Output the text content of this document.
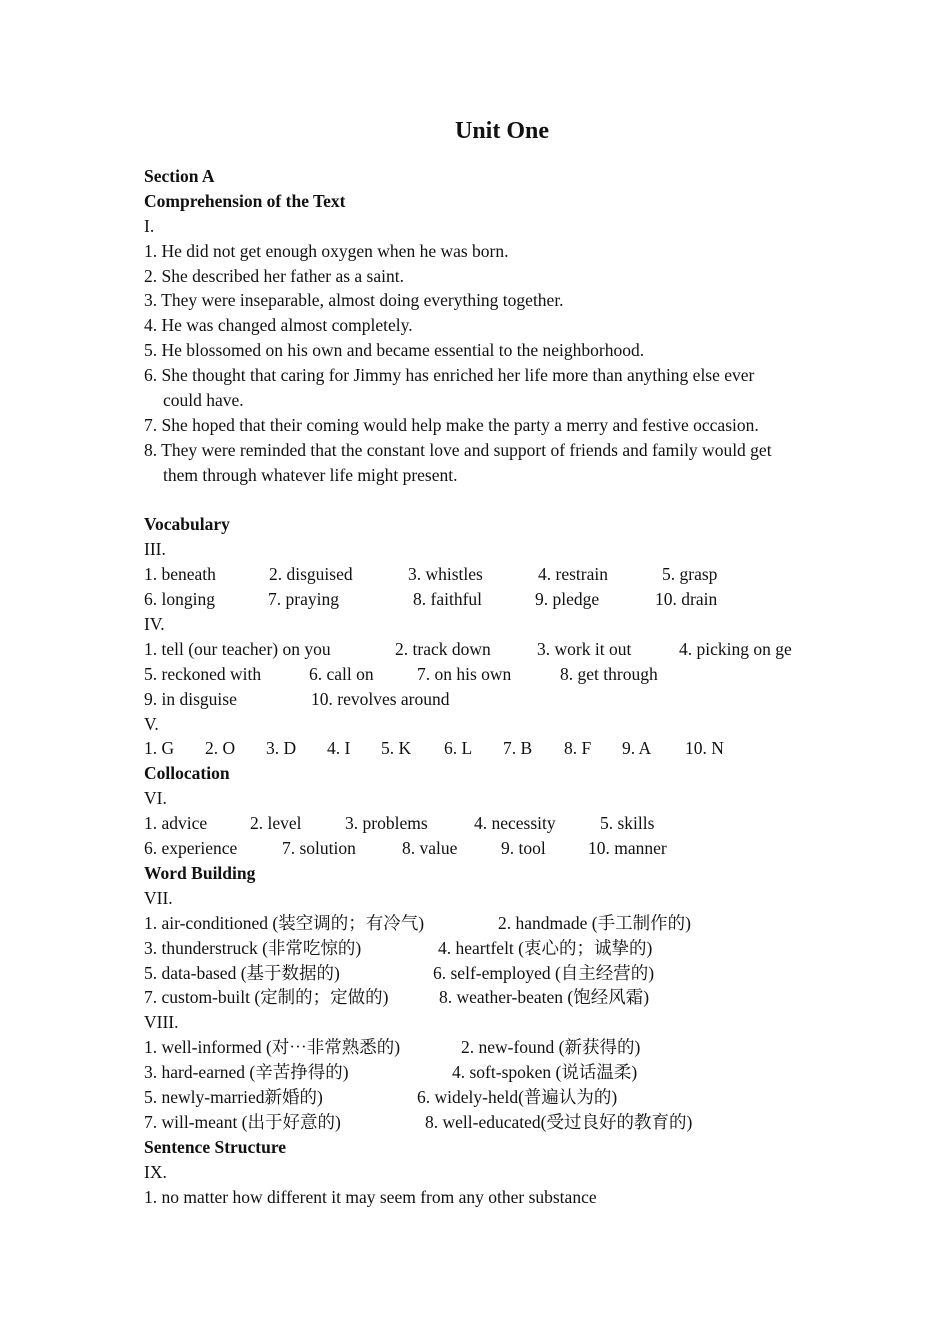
Unit One
Section A
Comprehension of the Text
I.
1. He did not get enough oxygen when he was born.
2. She described her father as a saint.
3. They were inseparable, almost doing everything together.
4. He was changed almost completely.
5. He blossomed on his own and became essential to the neighborhood.
6. She thought that caring for Jimmy has enriched her life more than anything else ever
could have.
7. She hoped that their coming would help make the party a merry and festive occasion.
8. They were reminded that the constant love and support of friends and family would get
them through whatever life might present.
Vocabulary
III.
1. beneath	2. disguised	3. whistles	4. restrain	5. grasp
6. longing	7. praying	8. faithful	9. pledge	10. drain
IV.
1. tell (our teacher) on you	2. track down	3. work it out	4. picking on ge
5. reckoned with	6. call on 7. on his own	8. get through
9. in disguise	10. revolves around
V.
1. G 2. O 3. D 4. I 5. K 6. L 7. B 8. F 9. A 10. N
Collocation
VI.
1. advice 2. level 3. problems	4. necessity	5. skills
6. experience	7. solution	8. value 9. tool 10. manner
Word Building
VII.
1. air-conditioned (装空调的；有冷气)	2. handmade (手工制作的)
3. thunderstruck (非常吃惊的)	4. heartfelt (衷心的；诚挚的)
5. data-based (基于数据的)	6. self-employed (自主经营的)
7. custom-built (定制的；定做的)	8. weather-beaten (饱经风霜)
VIII.
1. well-informed (对⋯非常熟悉的)	2. new-found (新获得的)
3. hard-earned (辛苦挣得的)	4. soft-spoken (说话温柔)
5. newly-married新婚的)	6. widely-held(普遍认为的)
7. will-meant (出于好意的)	8. well-educated(受过良好的教育的)
Sentence Structure
IX.
1. no matter how different it may seem from any other substance
